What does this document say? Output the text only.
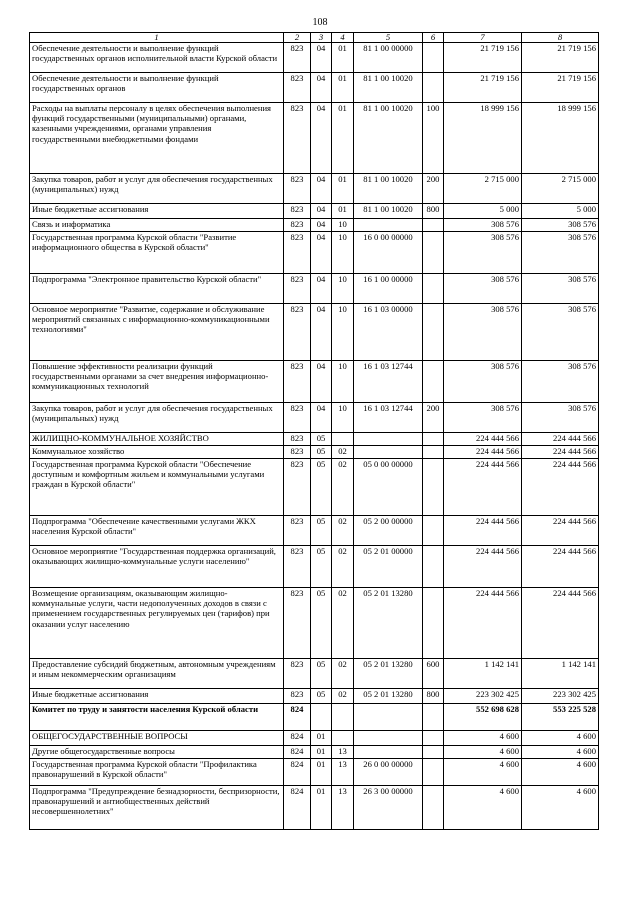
108
1	2	3	4	5	6	7	8
Обеспечение деятельности и выполнение функций государственных органов исполнительной власти Курской области	823	04	01	81 1 00 00000		21 719 156	21 719 156
Обеспечение деятельности и выполнение функций государственных органов	823	04	01	81 1 00 10020		21 719 156	21 719 156
Расходы на выплаты персоналу в целях обеспечения выполнения функций государственными (муниципальными) органами, казенными учреждениями, органами управления государственными внебюджетными фондами	823	04	01	81 1 00 10020	100	18 999 156	18 999 156
Закупка товаров, работ и услуг для обеспечения государственных (муниципальных) нужд	823	04	01	81 1 00 10020	200	2 715 000	2 715 000
Иные бюджетные ассигнования	823	04	01	81 1 00 10020	800	5 000	5 000
Связь и информатика	823	04	10			308 576	308 576
Государственная программа Курской области "Развитие информационного общества в Курской области"	823	04	10	16 0 00 00000		308 576	308 576
Подпрограмма "Электронное правительство Курской области"	823	04	10	16 1 00 00000		308 576	308 576
Основное мероприятие "Развитие, содержание и обслуживание мероприятий связанных с информационно-коммуникационными технологиями"	823	04	10	16 1 03 00000		308 576	308 576
Повышение эффективности реализации функций государственными органами за счет внедрения информационно-коммуникационных технологий	823	04	10	16 1 03 12744		308 576	308 576
Закупка товаров, работ и услуг для обеспечения государственных (муниципальных) нужд	823	04	10	16 1 03 12744	200	308 576	308 576
ЖИЛИЩНО-КОММУНАЛЬНОЕ ХОЗЯЙСТВО	823	05				224 444 566	224 444 566
Коммунальное хозяйство	823	05	02			224 444 566	224 444 566
Государственная программа Курской области "Обеспечение доступным и комфортным жильем и коммунальными услугами граждан в Курской области"	823	05	02	05 0 00 00000		224 444 566	224 444 566
Подпрограмма "Обеспечение качественными услугами ЖКХ населения Курской области"	823	05	02	05 2 00 00000		224 444 566	224 444 566
Основное мероприятие "Государственная поддержка организаций, оказывающих жилищно-коммунальные услуги населению"	823	05	02	05 2 01 00000		224 444 566	224 444 566
Возмещение организациям, оказывающим жилищно-коммунальные услуги, части недополученных доходов в связи с применением государственных регулируемых цен (тарифов) при оказании услуг населению	823	05	02	05 2 01 13280		224 444 566	224 444 566
Предоставление субсидий бюджетным, автономным учреждениям и иным некоммерческим организациям	823	05	02	05 2 01 13280	600	1 142 141	1 142 141
Иные бюджетные ассигнования	823	05	02	05 2 01 13280	800	223 302 425	223 302 425
Комитет по труду и занятости населения Курской области	824					552 698 628	553 225 528
ОБЩЕГОСУДАРСТВЕННЫЕ ВОПРОСЫ	824	01				4 600	4 600
Другие общегосударственные вопросы	824	01	13			4 600	4 600
Государственная программа Курской области "Профилактика правонарушений в Курской области"	824	01	13	26 0 00 00000		4 600	4 600
Подпрограмма "Предупреждение безнадзорности, беспризорности, правонарушений и антиобщественных действий несовершеннолетних"	824	01	13	26 3 00 00000		4 600	4 600
